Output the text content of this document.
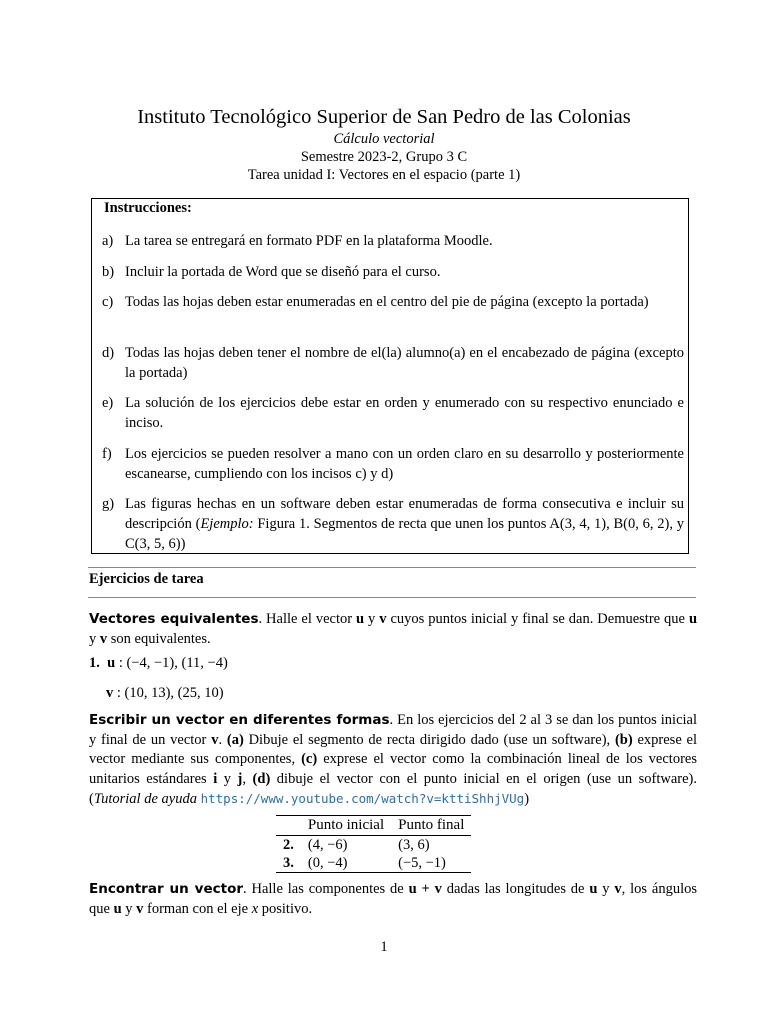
Instituto Tecnológico Superior de San Pedro de las Colonias
Cálculo vectorial
Semestre 2023-2, Grupo 3 C
Tarea unidad I: Vectores en el espacio (parte 1)
Instrucciones:
a) La tarea se entregará en formato PDF en la plataforma Moodle.
b) Incluir la portada de Word que se diseñó para el curso.
c) Todas las hojas deben estar enumeradas en el centro del pie de página (excepto la portada)
d) Todas las hojas deben tener el nombre de el(la) alumno(a) en el encabezado de página (excepto la portada)
e) La solución de los ejercicios debe estar en orden y enumerado con su respectivo enunciado e inciso.
f) Los ejercicios se pueden resolver a mano con un orden claro en su desarrollo y posteriormente escanearse, cumpliendo con los incisos c) y d)
g) Las figuras hechas en un software deben estar enumeradas de forma consecutiva e incluir su descripción (Ejemplo: Figura 1. Segmentos de recta que unen los puntos A(3, 4, 1), B(0, 6, 2), y C(3, 5, 6))
Ejercicios de tarea
Vectores equivalentes. Halle el vector u y v cuyos puntos inicial y final se dan. Demuestre que u y v son equivalentes.
1. u : (−4, −1), (11, −4)
v : (10, 13), (25, 10)
Escribir un vector en diferentes formas. En los ejercicios del 2 al 3 se dan los puntos inicial y final de un vector v. (a) Dibuje el segmento de recta dirigido dado (use un software), (b) exprese el vector mediante sus componentes, (c) exprese el vector como la combinación lineal de los vectores unitarios estándares i y j, (d) dibuje el vector con el punto inicial en el origen (use un software). (Tutorial de ayuda https://www.youtube.com/watch?v=kttiShhjVUg)
	Punto inicial	Punto final
2.	(4, −6)	(3, 6)
3.	(0, −4)	(−5, −1)
Encontrar un vector. Halle las componentes de u + v dadas las longitudes de u y v, los ángulos que u y v forman con el eje x positivo.
1
